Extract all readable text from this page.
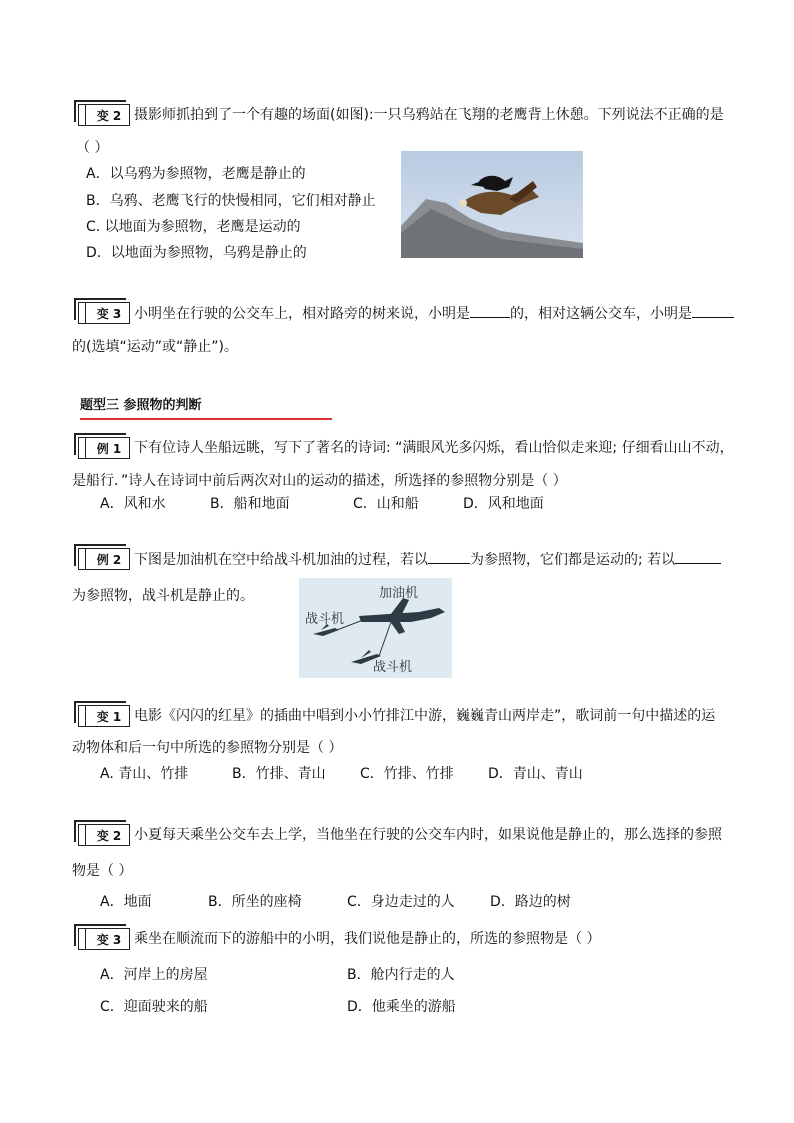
变 2 摄影师抓拍到了一个有趣的场面(如图):一只乌鸦站在飞翔的老鹰背上休憩。下列说法不正确的是
（ ）
A．以乌鸦为参照物，老鹰是静止的
B．乌鸦、老鹰飞行的快慢相同，它们相对静止
C. 以地面为参照物，老鹰是运动的
D．以地面为参照物，乌鸦是静止的
变 3 小明坐在行驶的公交车上，相对路旁的树来说，小明是	的，相对这辆公交车，小明是
的(选填“运动”或“静止”)。
题型三 参照物的判断
例 1 下有位诗人坐船远眺，写下了著名的诗词: “满眼风光多闪烁，看山恰似走来迎; 仔细看山山不动，
是船行．”诗人在诗词中前后两次对山的运动的描述，所选择的参照物分别是（ ）
A．风和水	B．船和地面	C．山和船	D．风和地面
例 2 下图是加油机在空中给战斗机加油的过程，若以	为参照物，它们都是运动的; 若以
为参照物，战斗机是静止的。	加油机
战斗机
战斗机
变 1 电影《闪闪的红星》的插曲中唱到小小竹排江中游，巍巍青山两岸走”，歌词前一句中描述的运
动物体和后一句中所选的参照物分别是（ ）
A. 青山、竹排	B．竹排、青山 C．竹排、竹排 D．青山、青山
变 2 小夏每天乘坐公交车去上学，当他坐在行驶的公交车内时，如果说他是静止的，那么选择的参照
物是（ ）
A．地面	B．所坐的座椅	C．身边走过的人	D．路边的树
变 3 乘坐在顺流而下的游船中的小明，我们说他是静止的，所选的参照物是（ ）
A．河岸上的房屋	B．舱内行走的人
C．迎面驶来的船	D．他乘坐的游船
